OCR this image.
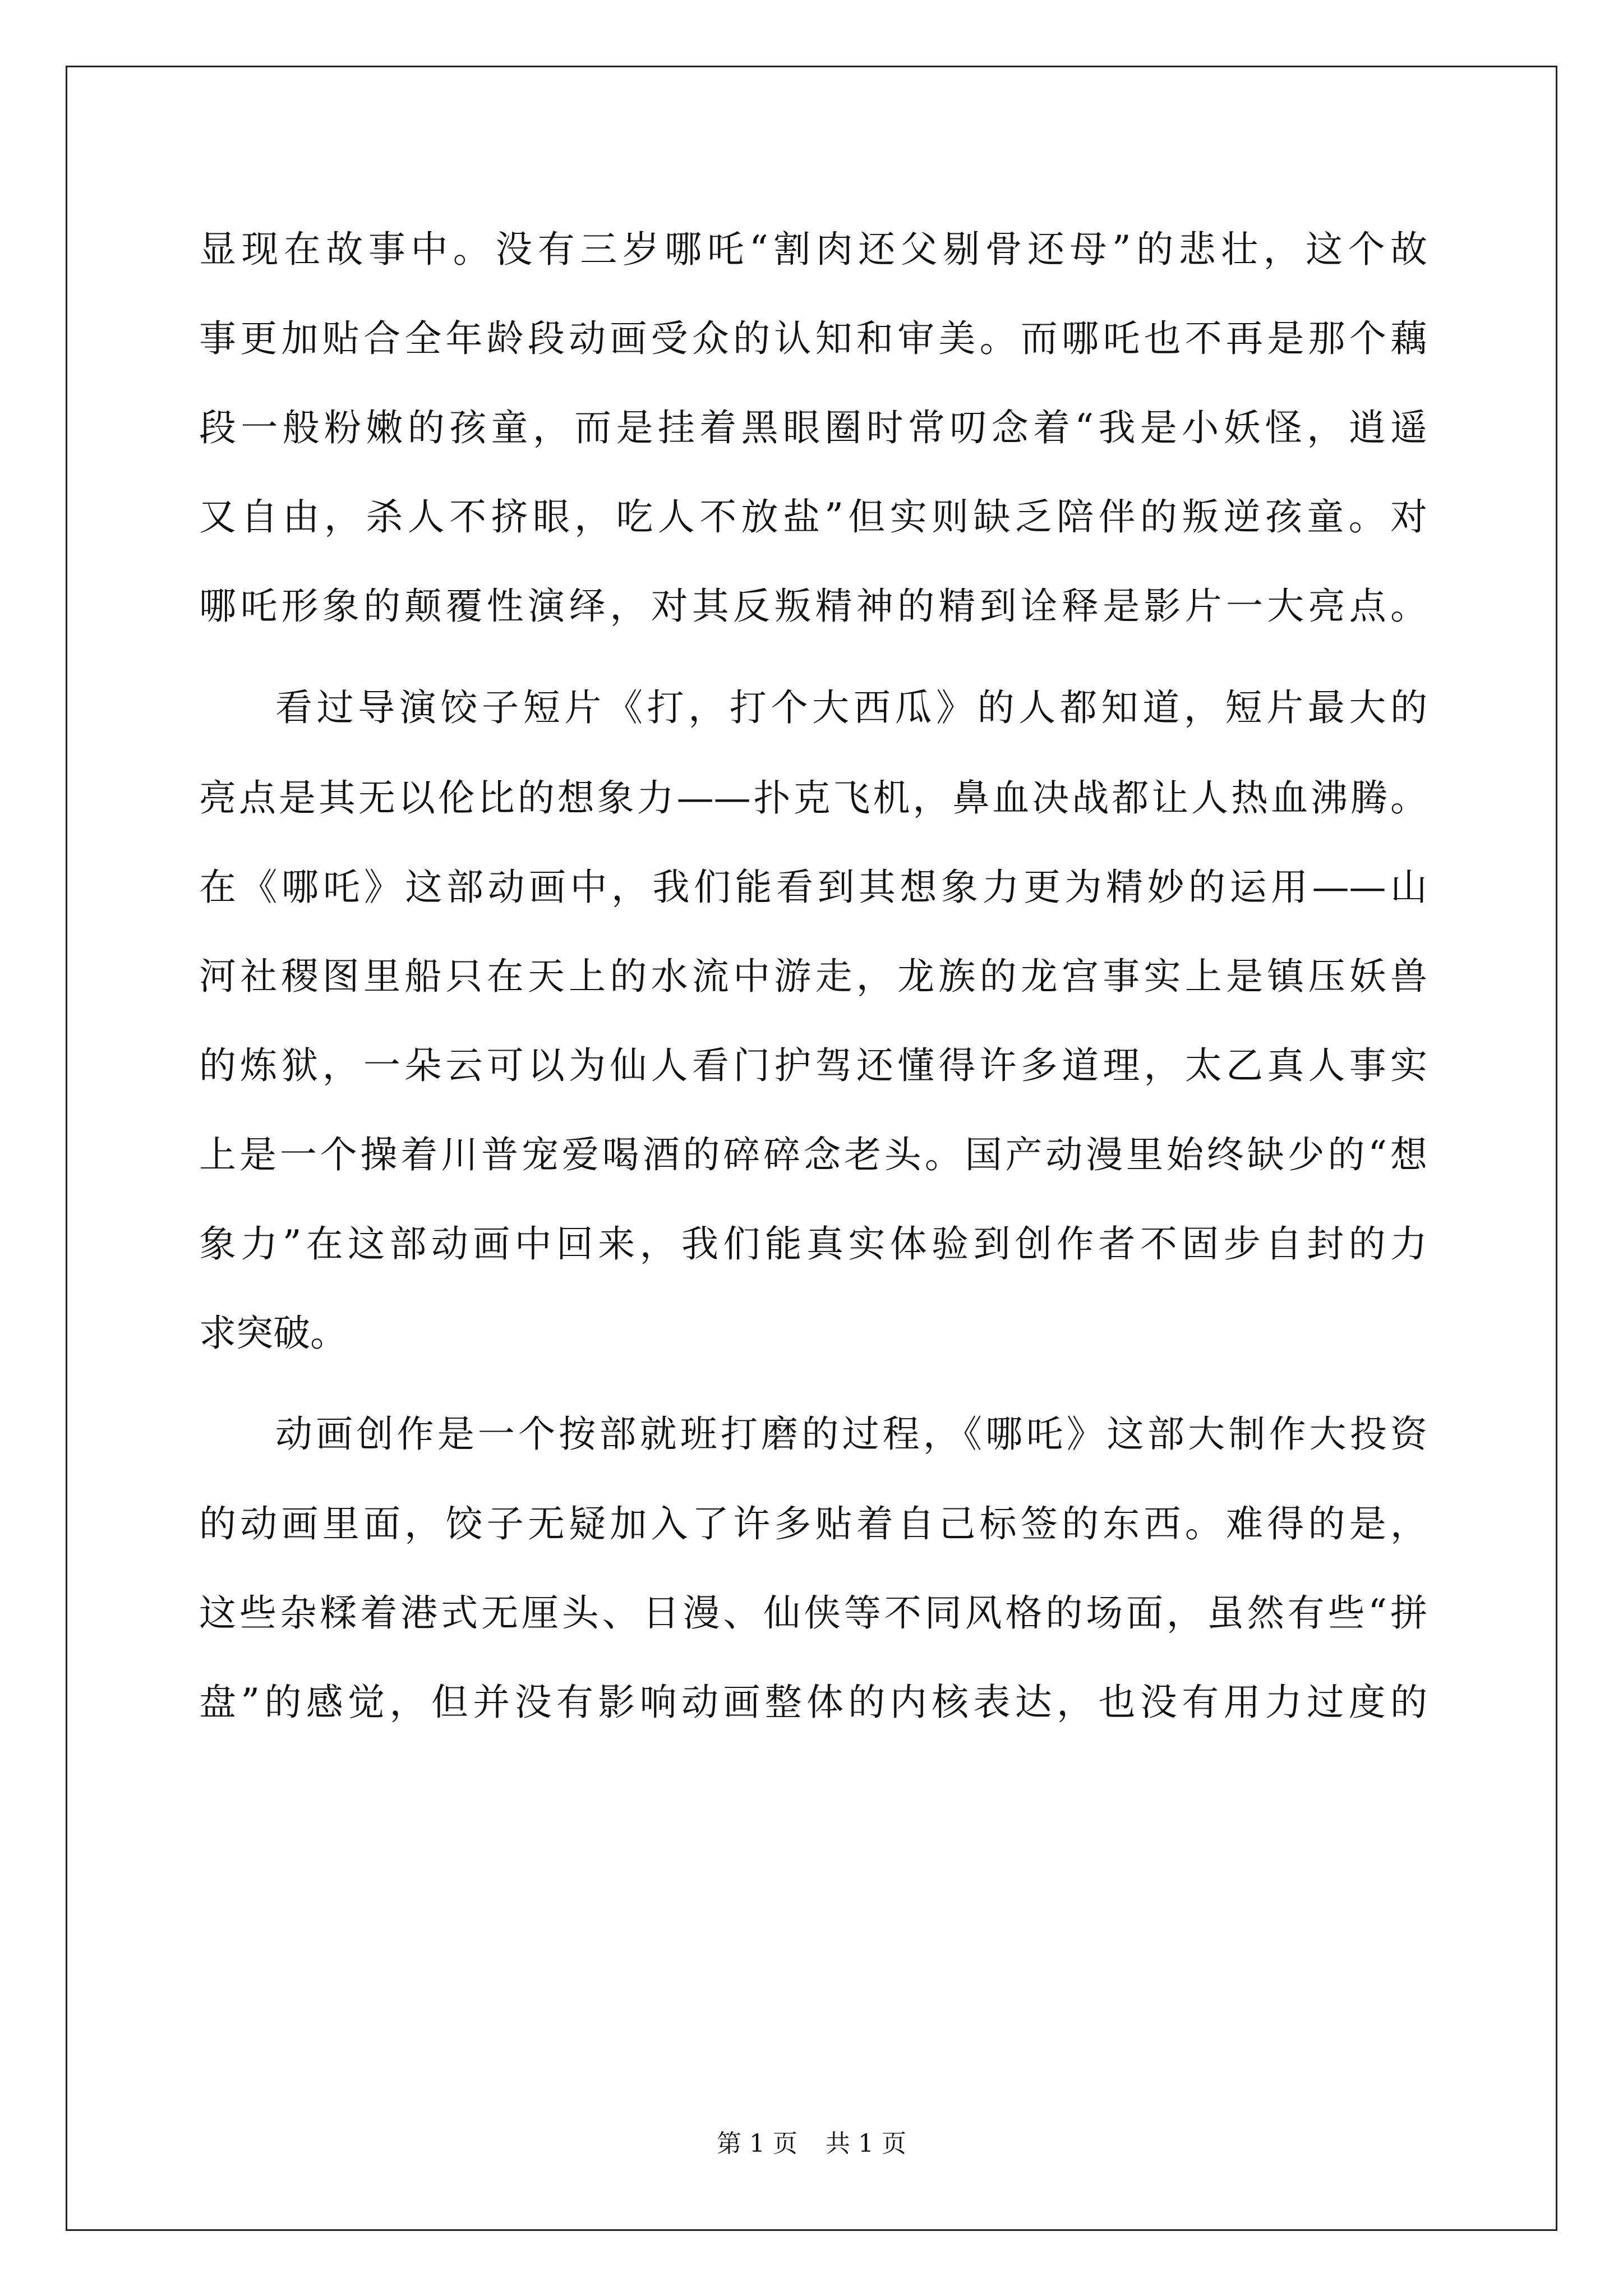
显现在故事中。没有三岁哪吒“割肉还父剔骨还母”的悲壮，这个故
事更加贴合全年龄段动画受众的认知和审美。而哪吒也不再是那个藕
段一般粉嫩的孩童，而是挂着黑眼圈时常叨念着“我是小妖怪，逍遥
又自由，杀人不挤眼，吃人不放盐”但实则缺乏陪伴的叛逆孩童。对
哪吒形象的颠覆性演绎，对其反叛精神的精到诠释是影片一大亮点。
看过导演饺子短片《打，打个大西瓜》的人都知道，短片最大的
亮点是其无以伦比的想象力——扑克飞机，鼻血决战都让人热血沸腾。
在《哪吒》这部动画中，我们能看到其想象力更为精妙的运用——山
河社稷图里船只在天上的水流中游走，龙族的龙宫事实上是镇压妖兽
的炼狱，一朵云可以为仙人看门护驾还懂得许多道理，太乙真人事实
上是一个操着川普宠爱喝酒的碎碎念老头。国产动漫里始终缺少的“想
象力”在这部动画中回来，我们能真实体验到创作者不固步自封的力
求突破。
动画创作是一个按部就班打磨的过程，《哪吒》这部大制作大投资
的动画里面，饺子无疑加入了许多贴着自己标签的东西。难得的是，
这些杂糅着港式无厘头、日漫、仙侠等不同风格的场面，虽然有些“拼
盘”的感觉，但并没有影响动画整体的内核表达，也没有用力过度的
第 1 页 共 1 页
